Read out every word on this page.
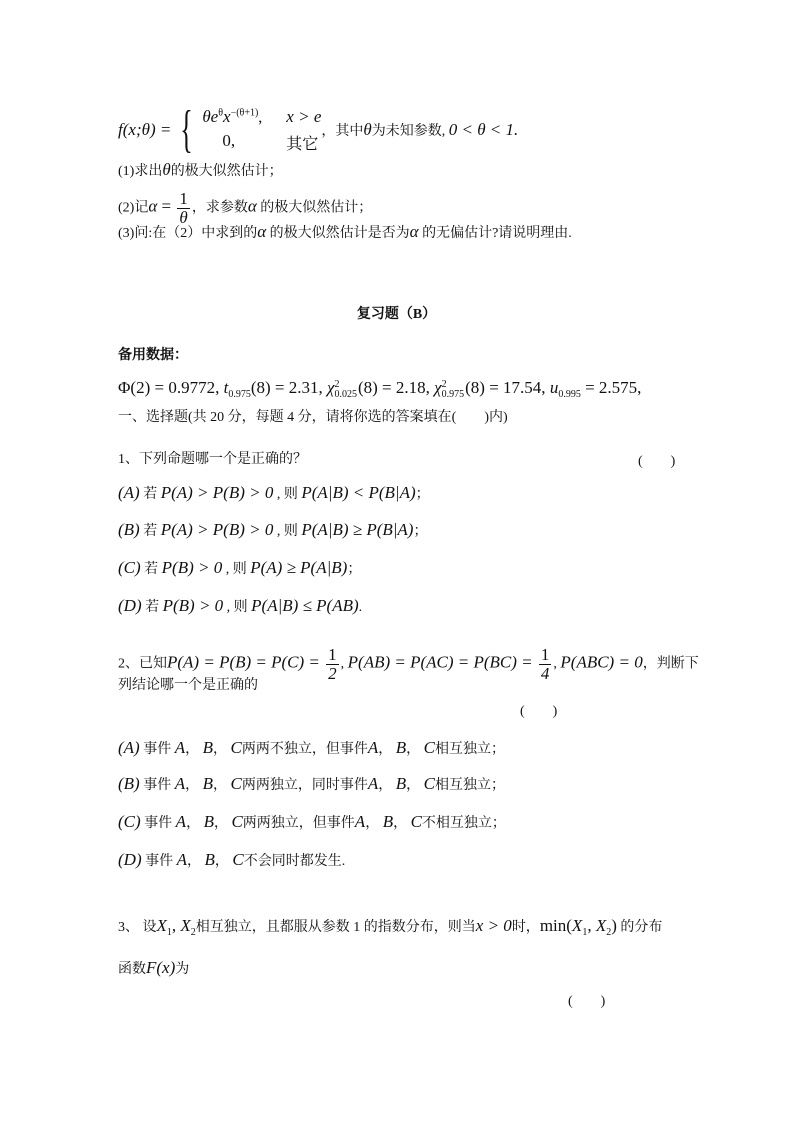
f(x;θ) = { $\theta e^\theta x^{-(\theta+1)}$, x > e
0,	其它
，其中θ为未知参数, 0 < θ < 1.
复习题（B）
(1)求出θ的极大似然估计；
(2)记$\alpha = \frac{1}{\theta}$ ，求参数α 的极大似然估计；
(3)问:在（2）中求到的α 的极大似然估计是否为α 的无偏估计?请说明理由.
备用数据：
Φ(2) = 0.9772, $t_{0.975}(8) = 2.31$, χ 2
0.025 (8) = 2.18, χ 2
0.975 (8) = 17.54, $u_{0.995} = 2.575$,
一、选择题(共 20 分，每题 4 分，请将你选的答案填在(　　)内)
1、下列命题哪一个是正确的？
(A) 若 P(A) > P(B) > 0 , 则 P(A|B) < P(B|A)；
(B) 若 P(A) > P(B) > 0 , 则 P(A|B) ≥ P(B|A)；
(C) 若 P(B) > 0 , 则 P(A) ≥ P(A|B)；
(D) 若 P(B) > 0 , 则 P(A|B) ≤ P(AB).
2、已知$P(A) = P(B) = P(C) = \frac{1}{2}$ , $P(AB) = P(AC) = P(BC) = \frac{1}{4}$ , P(ABC) = 0，判断下
列结论哪一个是正确的
(A) 事件 A， B， C两两不独立，但事件A， B， C相互独立；
(B) 事件 A， B， C两两独立，同时事件A， B， C相互独立；
(C) 事件 A， B， C两两独立，但事件A， B， C不相互独立；
(D) 事件 A， B， C不会同时都发生.
3、 设$X_1$, $X_2$相互独立，且都服从参数 1 的指数分布，则当x > 0时，$\min(X_1$, $X_2$) 的分布
函数F(x)为
(　　)
(　　)
(　　)
